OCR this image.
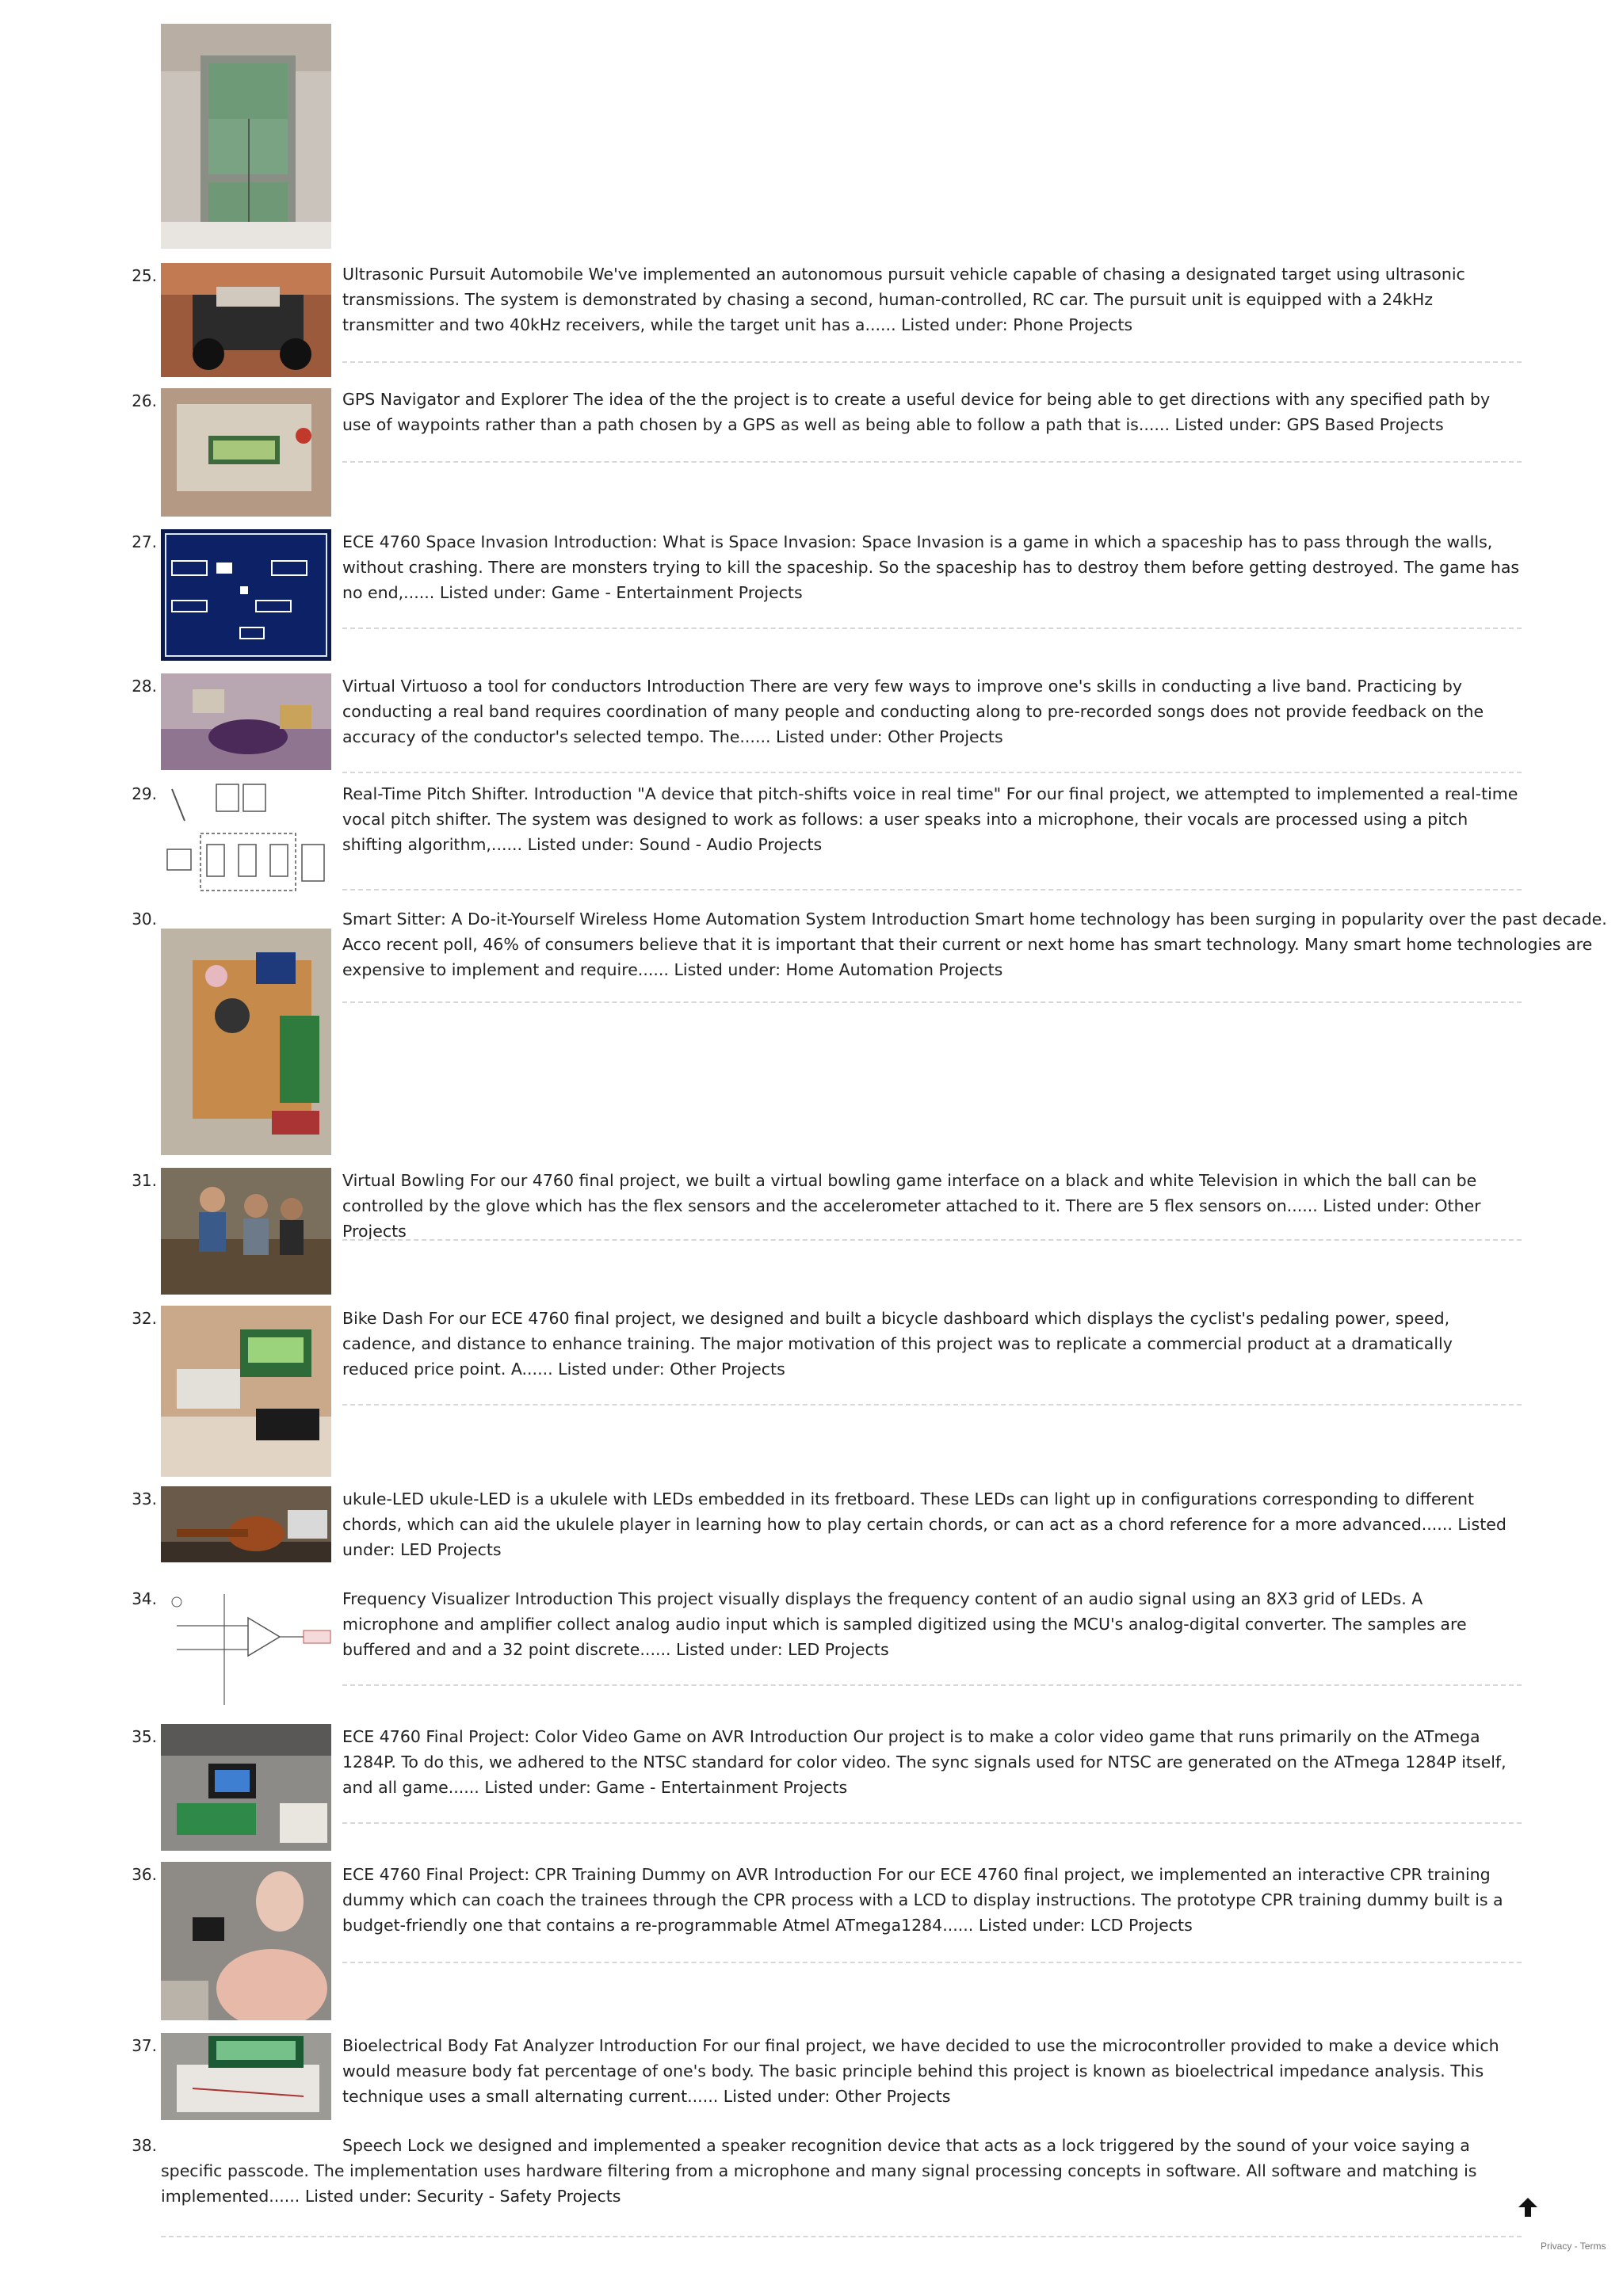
25.	Ultrasonic Pursuit Automobile We've implemented an autonomous pursuit vehicle capable of chasing a designated target using ultrasonic transmissions. The system is demonstrated by chasing a second, human-controlled, RC car. The pursuit unit is equipped with a 24kHz transmitter and two 40kHz receivers, while the target unit has a...... Listed under: Phone Projects

26.	GPS Navigator and Explorer The idea of the the project is to create a useful device for being able to get directions with any specified path by use of waypoints rather than a path chosen by a GPS as well as being able to follow a path that is...... Listed under: GPS Based Projects

27.	ECE 4760 Space Invasion Introduction: What is Space Invasion: Space Invasion is a game in which a spaceship has to pass through the walls, without crashing. There are monsters trying to kill the spaceship. So the spaceship has to destroy them before getting destroyed. The game has no end,...... Listed under: Game - Entertainment Projects

28.	Virtual Virtuoso a tool for conductors Introduction There are very few ways to improve one's skills in conducting a live band. Practicing by conducting a real band requires coordination of many people and conducting along to pre-recorded songs does not provide feedback on the accuracy of the conductor's selected tempo. The...... Listed under: Other Projects

29.	Real-Time Pitch Shifter. Introduction "A device that pitch-shifts voice in real time" For our final project, we attempted to implemented a real-time vocal pitch shifter. The system was designed to work as follows: a user speaks into a microphone, their vocals are processed using a pitch shifting algorithm,...... Listed under: Sound - Audio Projects

30.	Smart Sitter: A Do-it-Yourself Wireless Home Automation System Introduction Smart home technology has been surging in popularity over the past decade. Acco recent poll, 46% of consumers believe that it is important that their current or next home has smart technology. Many smart home technologies are expensive to implement and require...... Listed under: Home Automation Projects

31.	Virtual Bowling For our 4760 final project, we built a virtual bowling game interface on a black and white Television in which the ball can be controlled by the glove which has the flex sensors and the accelerometer attached to it. There are 5 flex sensors on...... Listed under: Other Projects

32.	Bike Dash For our ECE 4760 final project, we designed and built a bicycle dashboard which displays the cyclist's pedaling power, speed, cadence, and distance to enhance training. The major motivation of this project was to replicate a commercial product at a dramatically reduced price point. A...... Listed under: Other Projects

33.	ukule-LED ukule-LED is a ukulele with LEDs embedded in its fretboard. These LEDs can light up in configurations corresponding to different chords, which can aid the ukulele player in learning how to play certain chords, or can act as a chord reference for a more advanced...... Listed under: LED Projects

34.	Frequency Visualizer Introduction This project visually displays the frequency content of an audio signal using an 8X3 grid of LEDs. A microphone and amplifier collect analog audio input which is sampled digitized using the MCU's analog-digital converter. The samples are buffered and and a 32 point discrete...... Listed under: LED Projects

35.	ECE 4760 Final Project: Color Video Game on AVR Introduction Our project is to make a color video game that runs primarily on the ATmega 1284P. To do this, we adhered to the NTSC standard for color video. The sync signals used for NTSC are generated on the ATmega 1284P itself, and all game...... Listed under: Game - Entertainment Projects

36.	ECE 4760 Final Project: CPR Training Dummy on AVR Introduction For our ECE 4760 final project, we implemented an interactive CPR training dummy which can coach the trainees through the CPR process with a LCD to display instructions. The prototype CPR training dummy built is a budget-friendly one that contains a re-programmable Atmel ATmega1284...... Listed under: LCD Projects

37.	Bioelectrical Body Fat Analyzer Introduction For our final project, we have decided to use the microcontroller provided to make a device which would measure body fat percentage of one's body. The basic principle behind this project is known as bioelectrical impedance analysis. This technique uses a small alternating current...... Listed under: Other Projects

38.	Speech Lock we designed and implemented a speaker recognition device that acts as a lock triggered by the sound of your voice saying a specific passcode. The implementation uses hardware filtering from a microphone and many signal processing concepts in software. All software and matching is implemented...... Listed under: Security - Safety Projects

Privacy - Terms
